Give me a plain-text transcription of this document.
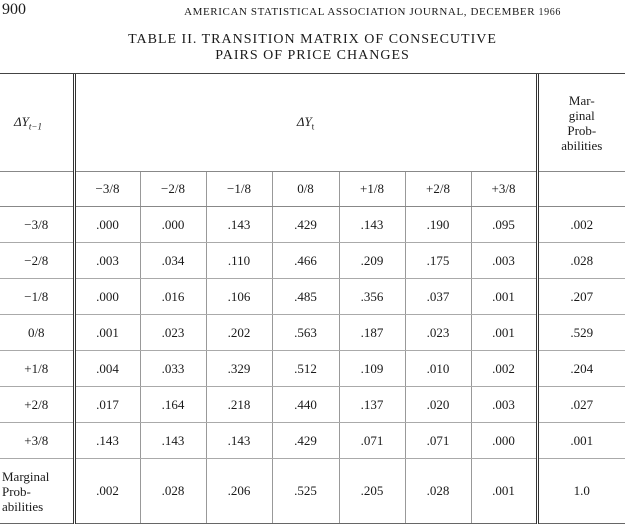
900	AMERICAN STATISTICAL ASSOCIATION JOURNAL, DECEMBER 1966
TABLE II. TRANSITION MATRIX OF CONSECUTIVE
PAIRS OF PRICE CHANGES
$\Delta Y_{t-1}$	$\Delta Y_t$							Mar-
ginal
Prob-
abilities

	−3/8	−2/8	−1/8	0/8	+1/8	+2/8	+3/8	
−3/8	.000	.000	.143	.429	.143	.190	.095	.002
−2/8	.003	.034	.110	.466	.209	.175	.003	.028
−1/8	.000	.016	.106	.485	.356	.037	.001	.207
0/8	.001	.023	.202	.563	.187	.023	.001	.529
+1/8	.004	.033	.329	.512	.109	.010	.002	.204
+2/8	.017	.164	.218	.440	.137	.020	.003	.027
+3/8	.143	.143	.143	.429	.071	.071	.000	.001

Marginal
Prob-
abilities	.002	.028	.206	.525	.205	.028	.001	1.0
